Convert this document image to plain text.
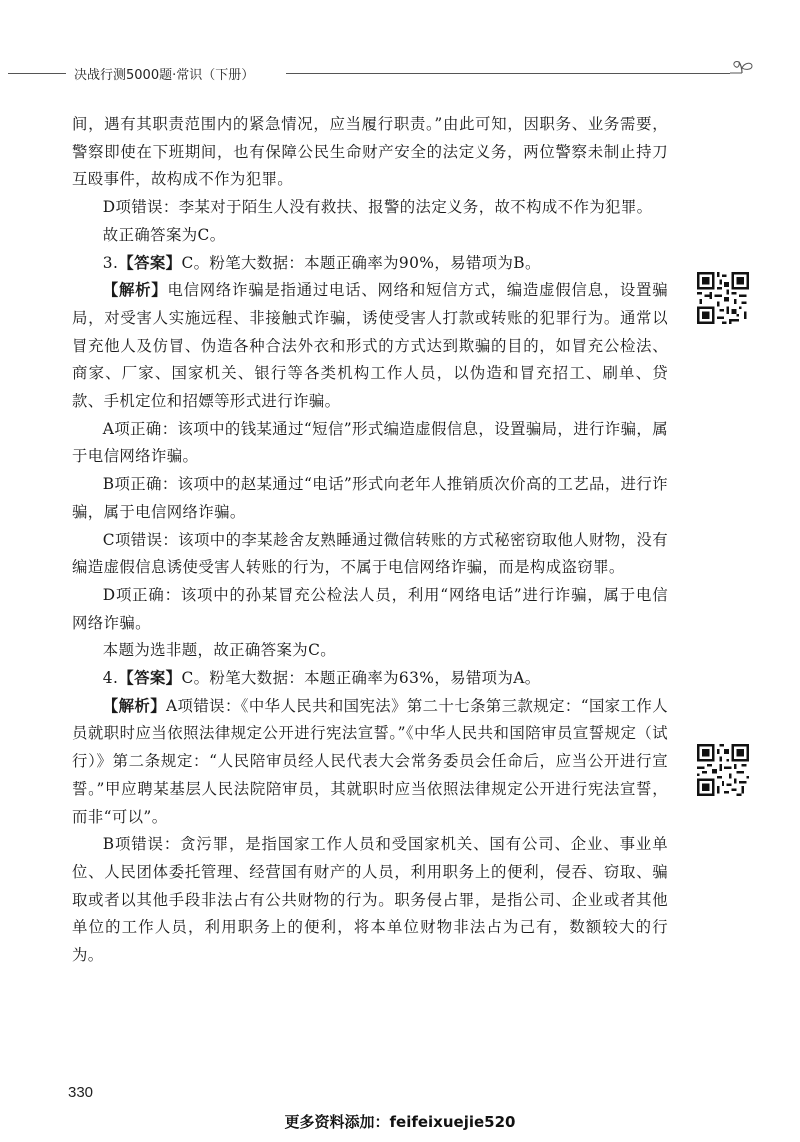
决战行测5000题·常识（下册）

间，遇有其职责范围内的紧急情况，应当履行职责。”由此可知，因职务、业务需要，警察即使在下班期间，也有保障公民生命财产安全的法定义务，两位警察未制止持刀互殴事件，故构成不作为犯罪。

D项错误：李某对于陌生人没有救扶、报警的法定义务，故不构成不作为犯罪。

故正确答案为C。

3.【答案】C。粉笔大数据：本题正确率为90%，易错项为B。

【解析】电信网络诈骗是指通过电话、网络和短信方式，编造虚假信息，设置骗局，对受害人实施远程、非接触式诈骗，诱使受害人打款或转账的犯罪行为。通常以冒充他人及仿冒、伪造各种合法外衣和形式的方式达到欺骗的目的，如冒充公检法、商家、厂家、国家机关、银行等各类机构工作人员，以伪造和冒充招工、刷单、贷款、手机定位和招嫖等形式进行诈骗。

A项正确：该项中的钱某通过“短信”形式编造虚假信息，设置骗局，进行诈骗，属于电信网络诈骗。

B项正确：该项中的赵某通过“电话”形式向老年人推销质次价高的工艺品，进行诈骗，属于电信网络诈骗。

C项错误：该项中的李某趁舍友熟睡通过微信转账的方式秘密窃取他人财物，没有编造虚假信息诱使受害人转账的行为，不属于电信网络诈骗，而是构成盗窃罪。

D项正确：该项中的孙某冒充公检法人员，利用“网络电话”进行诈骗，属于电信网络诈骗。

本题为选非题，故正确答案为C。

4.【答案】C。粉笔大数据：本题正确率为63%，易错项为A。

【解析】A项错误：《中华人民共和国宪法》第二十七条第三款规定：“国家工作人员就职时应当依照法律规定公开进行宪法宣誓。”《中华人民共和国陪审员宣誓规定（试行）》第二条规定：“人民陪审员经人民代表大会常务委员会任命后，应当公开进行宣誓。”甲应聘某基层人民法院陪审员，其就职时应当依照法律规定公开进行宪法宣誓，而非“可以”。

B项错误：贪污罪，是指国家工作人员和受国家机关、国有公司、企业、事业单位、人民团体委托管理、经营国有财产的人员，利用职务上的便利，侵吞、窃取、骗取或者以其他手段非法占有公共财物的行为。职务侵占罪，是指公司、企业或者其他单位的工作人员，利用职务上的便利，将本单位财物非法占为己有，数额较大的行为。

330
更多资料添加：feifeixuejie520
